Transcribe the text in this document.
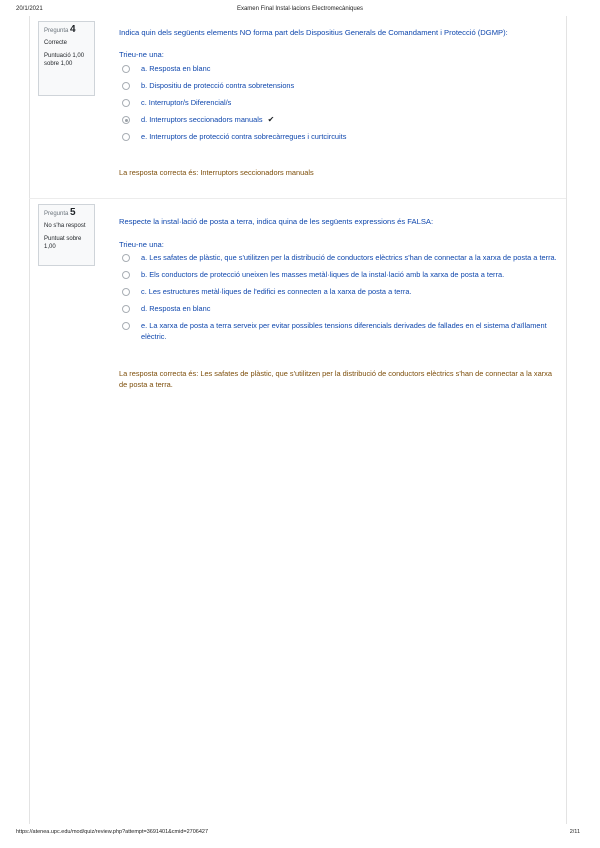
20/1/2021	Examen Final Instal·lacions Electromecàniques
Pregunta 4
Correcte
Puntuació 1,00 sobre 1,00
Indica quin dels següents elements NO forma part dels Dispositius Generals de Comandament i Protecció (DGMP):
Trieu-ne una:
a. Resposta en blanc
b. Dispositiu de protecció contra sobretensions
c. Interruptor/s Diferencial/s
d. Interruptors seccionadors manuals ✔
e. Interruptors de protecció contra sobrecàrregues i curtcircuits
La resposta correcta és: Interruptors seccionadors manuals
Pregunta 5
No s'ha respost
Puntuat sobre 1,00
Respecte la instal·lació de posta a terra, indica quina de les següents expressions és FALSA:
Trieu-ne una:
a. Les safates de plàstic, que s'utilitzen per la distribució de conductors elèctrics s'han de connectar a la xarxa de posta a terra.
b. Els conductors de protecció uneixen les masses metàl·liques de la instal·lació amb la xarxa de posta a terra.
c. Les estructures metàl·liques de l'edifici es connecten a la xarxa de posta a terra.
d. Resposta en blanc
e. La xarxa de posta a terra serveix per evitar possibles tensions diferencials derivades de fallades en el sistema d'aïllament elèctric.
La resposta correcta és: Les safates de plàstic, que s'utilitzen per la distribució de conductors elèctrics s'han de connectar a la xarxa de posta a terra.
https://atenea.upc.edu/mod/quiz/review.php?attempt=3691401&cmid=2706427	2/11
